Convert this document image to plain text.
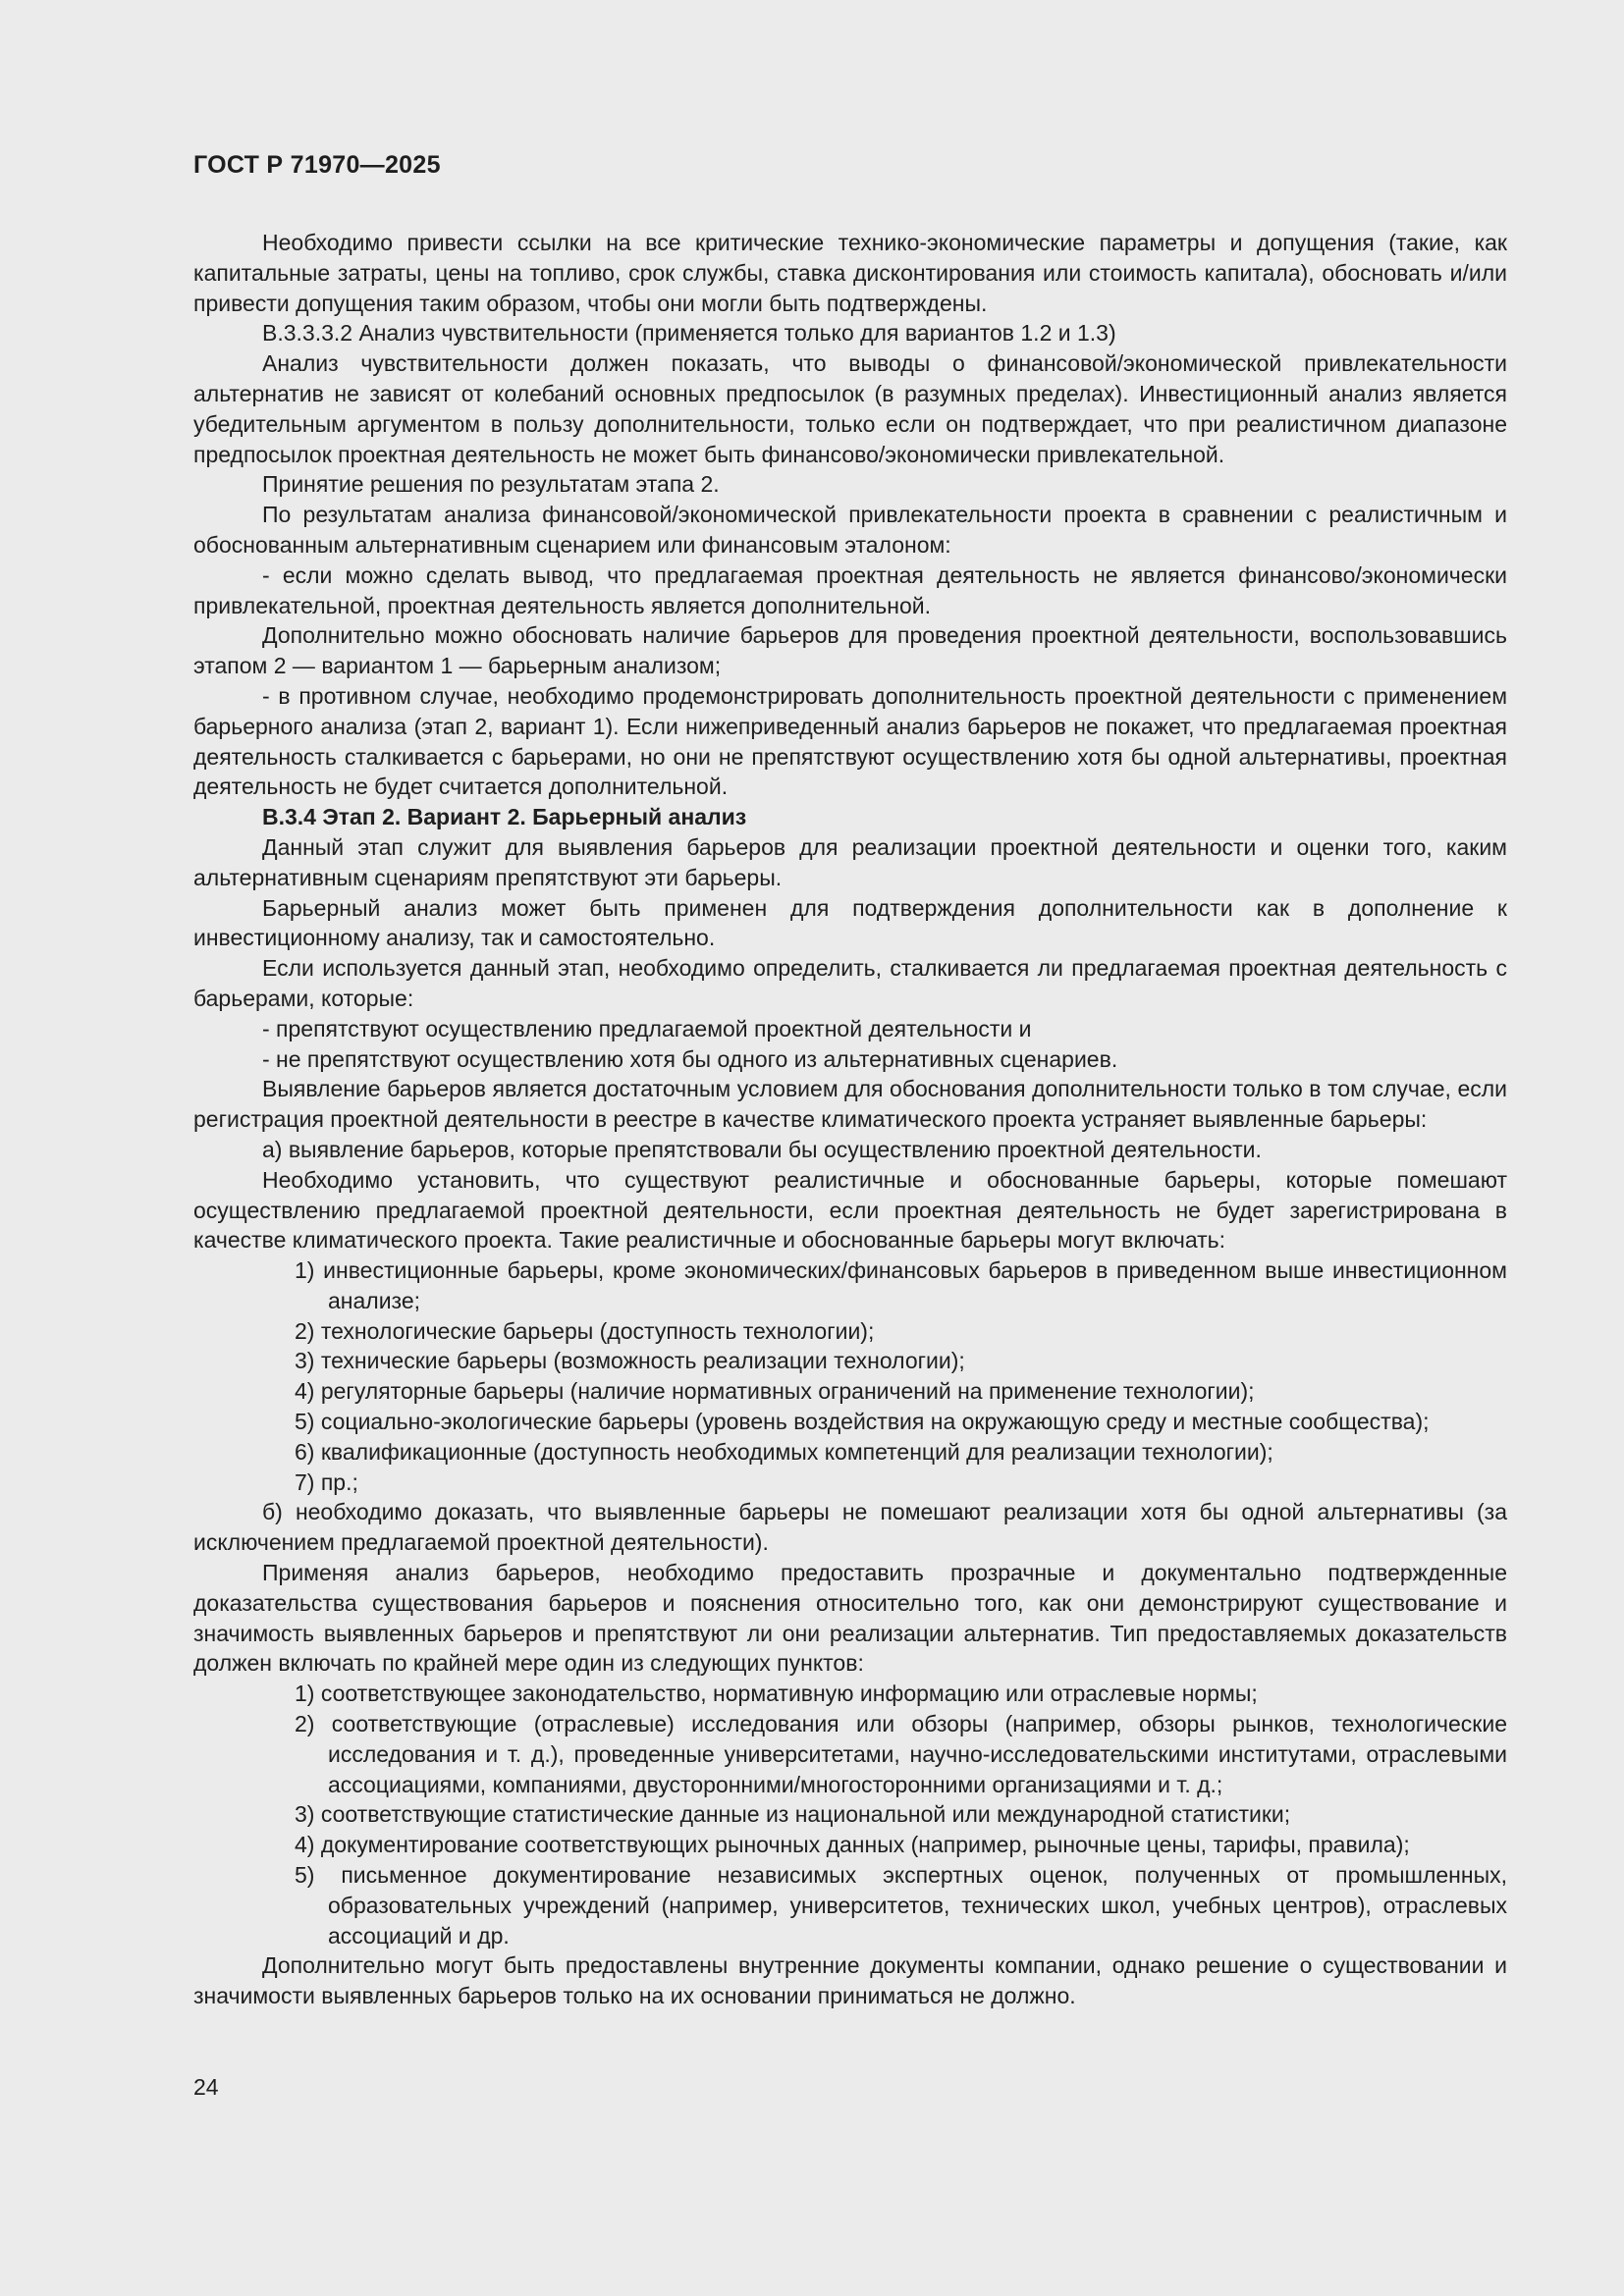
ГОСТ Р 71970—2025

Необходимо привести ссылки на все критические технико-экономические параметры и допущения (такие, как капитальные затраты, цены на топливо, срок службы, ставка дисконтирования или стоимость капитала), обосновать и/или привести допущения таким образом, чтобы они могли быть подтверждены.

В.3.3.3.2 Анализ чувствительности (применяется только для вариантов 1.2 и 1.3)

Анализ чувствительности должен показать, что выводы о финансовой/экономической привлекательности альтернатив не зависят от колебаний основных предпосылок (в разумных пределах). Инвестиционный анализ является убедительным аргументом в пользу дополнительности, только если он подтверждает, что при реалистичном диапазоне предпосылок проектная деятельность не может быть финансово/экономически привлекательной.

Принятие решения по результатам этапа 2.

По результатам анализа финансовой/экономической привлекательности проекта в сравнении с реалистичным и обоснованным альтернативным сценарием или финансовым эталоном:

- если можно сделать вывод, что предлагаемая проектная деятельность не является финансово/экономически привлекательной, проектная деятельность является дополнительной.

Дополнительно можно обосновать наличие барьеров для проведения проектной деятельности, воспользовавшись этапом 2 — вариантом 1 — барьерным анализом;

- в противном случае, необходимо продемонстрировать дополнительность проектной деятельности с применением барьерного анализа (этап 2, вариант 1). Если нижеприведенный анализ барьеров не покажет, что предлагаемая проектная деятельность сталкивается с барьерами, но они не препятствуют осуществлению хотя бы одной альтернативы, проектная деятельность не будет считается дополнительной.

В.3.4 Этап 2. Вариант 2. Барьерный анализ

Данный этап служит для выявления барьеров для реализации проектной деятельности и оценки того, каким альтернативным сценариям препятствуют эти барьеры.

Барьерный анализ может быть применен для подтверждения дополнительности как в дополнение к инвестиционному анализу, так и самостоятельно.

Если используется данный этап, необходимо определить, сталкивается ли предлагаемая проектная деятельность с барьерами, которые:

- препятствуют осуществлению предлагаемой проектной деятельности и

- не препятствуют осуществлению хотя бы одного из альтернативных сценариев.

Выявление барьеров является достаточным условием для обоснования дополнительности только в том случае, если регистрация проектной деятельности в реестре в качестве климатического проекта устраняет выявленные барьеры:

а) выявление барьеров, которые препятствовали бы осуществлению проектной деятельности.

Необходимо установить, что существуют реалистичные и обоснованные барьеры, которые помешают осуществлению предлагаемой проектной деятельности, если проектная деятельность не будет зарегистрирована в качестве климатического проекта. Такие реалистичные и обоснованные барьеры могут включать:

1) инвестиционные барьеры, кроме экономических/финансовых барьеров в приведенном выше инвестиционном анализе;

2) технологические барьеры (доступность технологии);

3) технические барьеры (возможность реализации технологии);

4) регуляторные барьеры (наличие нормативных ограничений на применение технологии);

5) социально-экологические барьеры (уровень воздействия на окружающую среду и местные сообщества);

6) квалификационные (доступность необходимых компетенций для реализации технологии);

7) пр.;

б) необходимо доказать, что выявленные барьеры не помешают реализации хотя бы одной альтернативы (за исключением предлагаемой проектной деятельности).

Применяя анализ барьеров, необходимо предоставить прозрачные и документально подтвержденные доказательства существования барьеров и пояснения относительно того, как они демонстрируют существование и значимость выявленных барьеров и препятствуют ли они реализации альтернатив. Тип предоставляемых доказательств должен включать по крайней мере один из следующих пунктов:

1) соответствующее законодательство, нормативную информацию или отраслевые нормы;

2) соответствующие (отраслевые) исследования или обзоры (например, обзоры рынков, технологические исследования и т. д.), проведенные университетами, научно-исследовательскими институтами, отраслевыми ассоциациями, компаниями, двусторонними/многосторонними организациями и т. д.;

3) соответствующие статистические данные из национальной или международной статистики;

4) документирование соответствующих рыночных данных (например, рыночные цены, тарифы, правила);

5) письменное документирование независимых экспертных оценок, полученных от промышленных, образовательных учреждений (например, университетов, технических школ, учебных центров), отраслевых ассоциаций и др.

Дополнительно могут быть предоставлены внутренние документы компании, однако решение о существовании и значимости выявленных барьеров только на их основании приниматься не должно.

24
